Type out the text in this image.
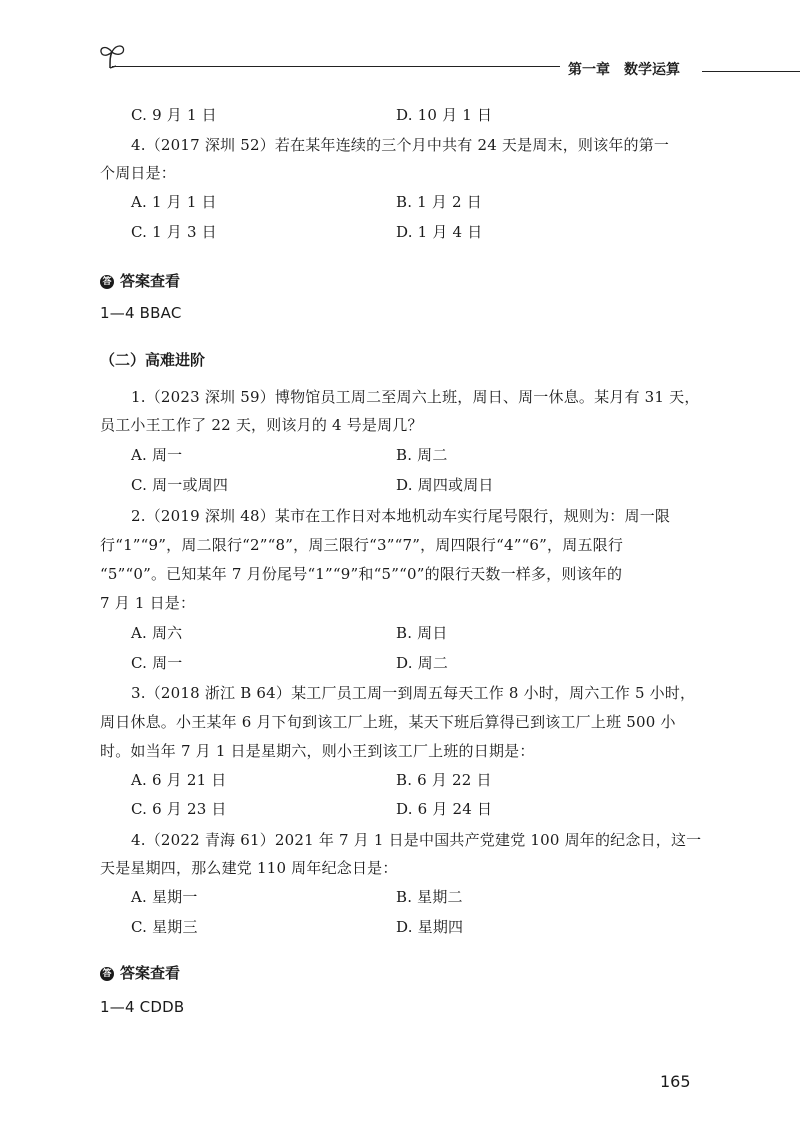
第一章　数学运算
C. 9 月 1 日	D. 10 月 1 日
4.（2017 深圳 52）若在某年连续的三个月中共有 24 天是周末，则该年的第一
个周日是：
A. 1 月 1 日	B. 1 月 2 日
C. 1 月 3 日	D. 1 月 4 日
答 答案查看
1—4 BBAC
（二）高难进阶
1.（2023 深圳 59）博物馆员工周二至周六上班，周日、周一休息。某月有 31 天，
员工小王工作了 22 天，则该月的 4 号是周几？
A. 周一	B. 周二
C. 周一或周四	D. 周四或周日
2.（2019 深圳 48）某市在工作日对本地机动车实行尾号限行，规则为：周一限
行“1”“9”，周二限行“2”“8”，周三限行“3”“7”，周四限行“4”“6”，周五限行
“5”“0”。已知某年 7 月份尾号“1”“9”和“5”“0”的限行天数一样多，则该年的
7 月 1 日是：
A. 周六	B. 周日
C. 周一	D. 周二
3.（2018 浙江 B 64）某工厂员工周一到周五每天工作 8 小时，周六工作 5 小时，
周日休息。小王某年 6 月下旬到该工厂上班，某天下班后算得已到该工厂上班 500 小
时。如当年 7 月 1 日是星期六，则小王到该工厂上班的日期是：
A. 6 月 21 日	B. 6 月 22 日
C. 6 月 23 日	D. 6 月 24 日
4.（2022 青海 61）2021 年 7 月 1 日是中国共产党建党 100 周年的纪念日，这一
天是星期四，那么建党 110 周年纪念日是：
A. 星期一	B. 星期二
C. 星期三	D. 星期四
答 答案查看
1—4 CDDB
165
